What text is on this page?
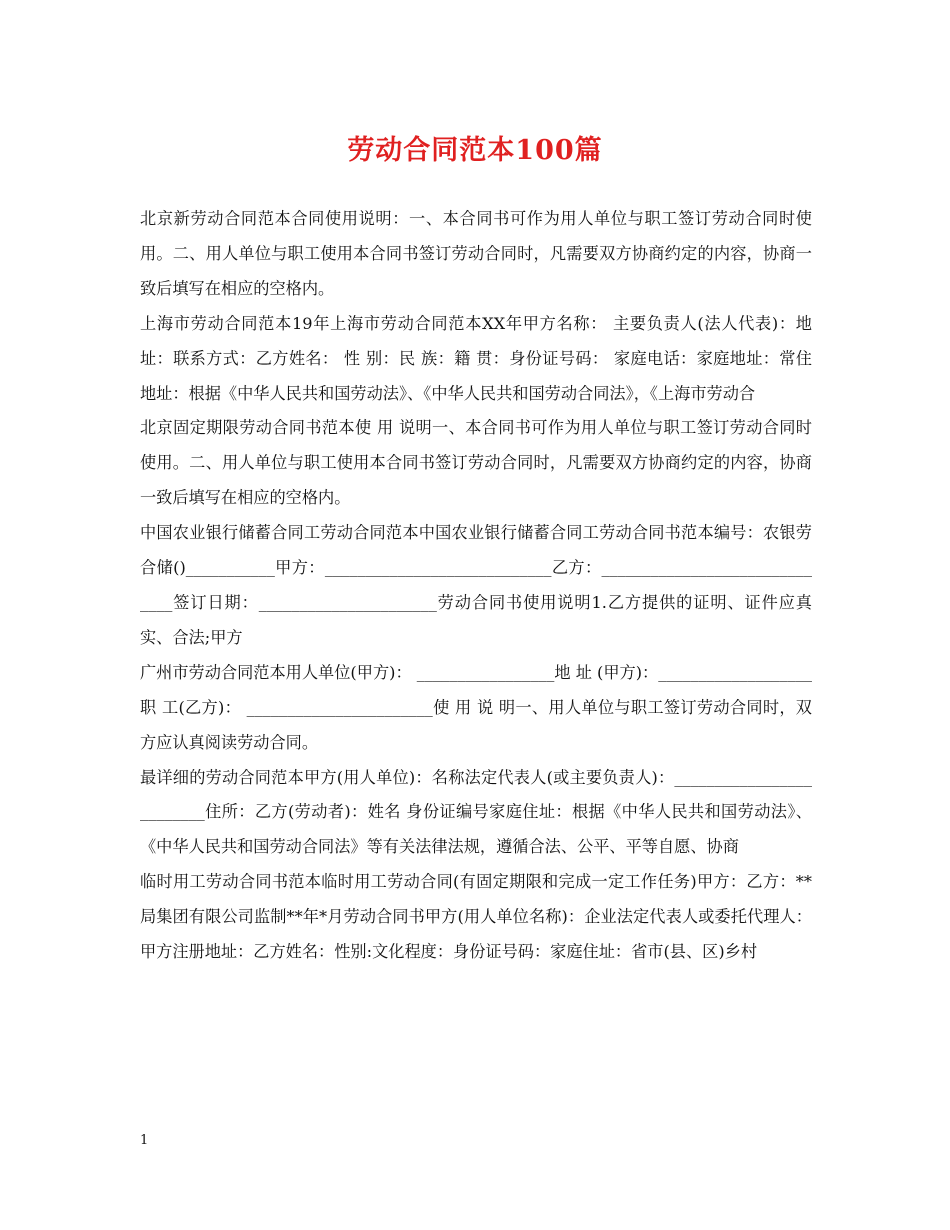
劳动合同范本100篇

北京新劳动合同范本合同使用说明：一、本合同书可作为用人单位与职工签订劳动合同时使用。二、用人单位与职工使用本合同书签订劳动合同时，凡需要双方协商约定的内容，协商一致后填写在相应的空格内。

上海市劳动合同范本19年上海市劳动合同范本XX年甲方名称： 主要负责人(法人代表)：地 址：联系方式：乙方姓名： 性 别：民 族：籍 贯：身份证号码： 家庭电话：家庭地址：常住地址：根据《中华人民共和国劳动法》、《中华人民共和国劳动合同法》，《上海市劳动合

北京固定期限劳动合同书范本使 用 说明一、本合同书可作为用人单位与职工签订劳动合同时使用。二、用人单位与职工使用本合同书签订劳动合同时，凡需要双方协商约定的内容，协商一致后填写在相应的空格内。

中国农业银行储蓄合同工劳动合同范本中国农业银行储蓄合同工劳动合同书范本编号：农银劳合储()___________甲方：____________________________乙方：______________________________签订日期：______________________劳动合同书使用说明1.乙方提供的证明、证件应真实、合法;甲方

广州市劳动合同范本用人单位(甲方)： _________________地 址 (甲方)：___________________职 工(乙方)： _______________________使 用 说 明一、用人单位与职工签订劳动合同时，双方应认真阅读劳动合同。

最详细的劳动合同范本甲方(用人单位)：名称法定代表人(或主要负责人)：_________________________住所：乙方(劳动者)：姓名 身份证编号家庭住址：根据《中华人民共和国劳动法》、《中华人民共和国劳动合同法》等有关法律法规，遵循合法、公平、平等自愿、协商

临时用工劳动合同书范本临时用工劳动合同(有固定期限和完成一定工作任务)甲方：乙方：**局集团有限公司监制**年*月劳动合同书甲方(用人单位名称)：企业法定代表人或委托代理人：甲方注册地址：乙方姓名：性别:文化程度：身份证号码：家庭住址：省市(县、区)乡村

1
